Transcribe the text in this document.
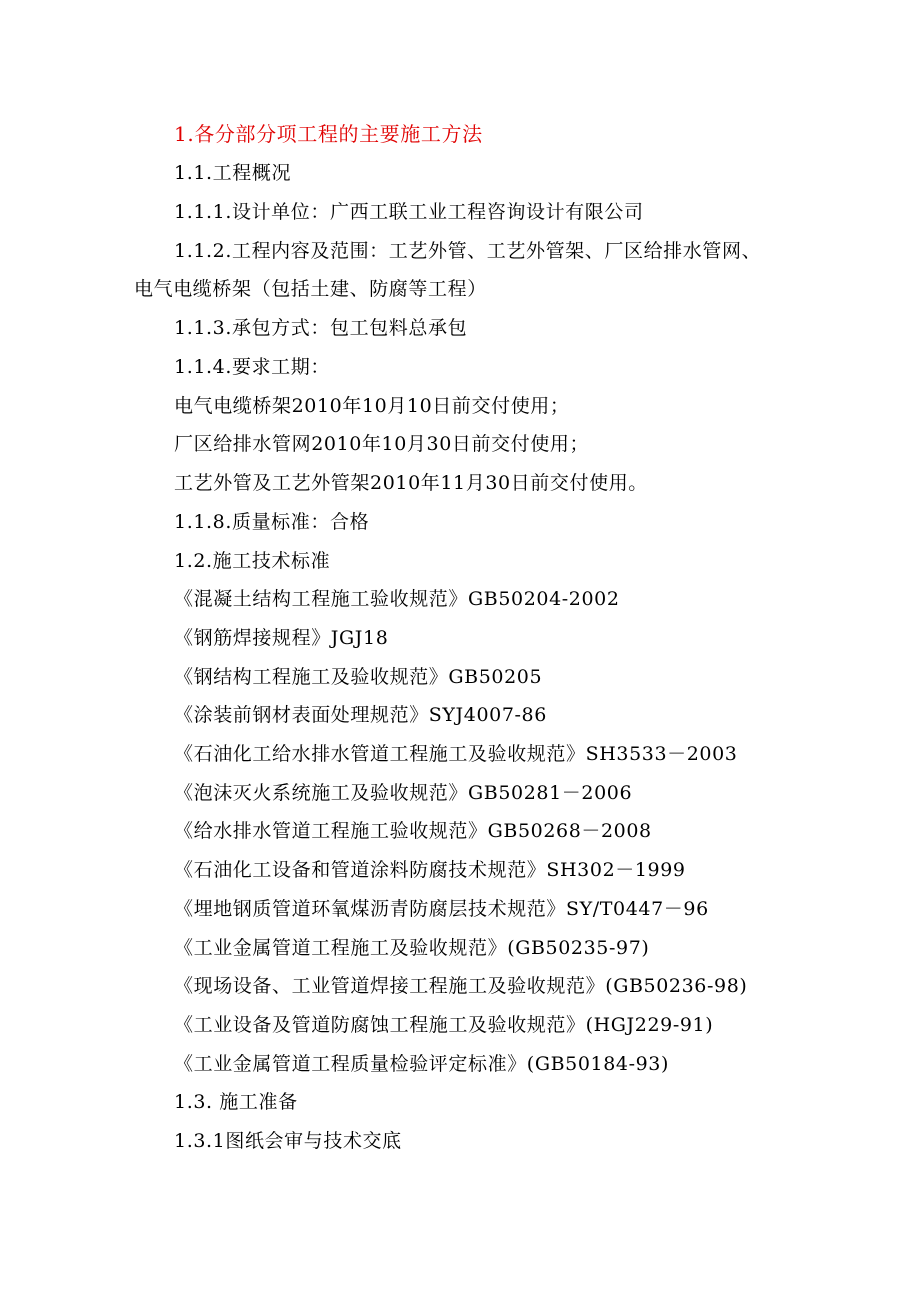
1.各分部分项工程的主要施工方法
1.1.工程概况
1.1.1.设计单位：广西工联工业工程咨询设计有限公司
1.1.2.工程内容及范围：工艺外管、工艺外管架、厂区给排水管网、
电气电缆桥架（包括土建、防腐等工程）
1.1.3.承包方式：包工包料总承包
1.1.4.要求工期：
电气电缆桥架2010年10月10日前交付使用；
厂区给排水管网2010年10月30日前交付使用；
工艺外管及工艺外管架2010年11月30日前交付使用。
1.1.8.质量标准：合格
1.2.施工技术标准
《混凝土结构工程施工验收规范》GB50204-2002
《钢筋焊接规程》JGJ18
《钢结构工程施工及验收规范》GB50205
《涂装前钢材表面处理规范》SYJ4007-86
《石油化工给水排水管道工程施工及验收规范》SH3533－2003
《泡沫灭火系统施工及验收规范》GB50281－2006
《给水排水管道工程施工验收规范》GB50268－2008
《石油化工设备和管道涂料防腐技术规范》SH302－1999
《埋地钢质管道环氧煤沥青防腐层技术规范》SY/T0447－96
《工业金属管道工程施工及验收规范》(GB50235-97)
《现场设备、工业管道焊接工程施工及验收规范》(GB50236-98)
《工业设备及管道防腐蚀工程施工及验收规范》(HGJ229-91)
《工业金属管道工程质量检验评定标准》(GB50184-93)
1.3. 施工准备
1.3.1图纸会审与技术交底
